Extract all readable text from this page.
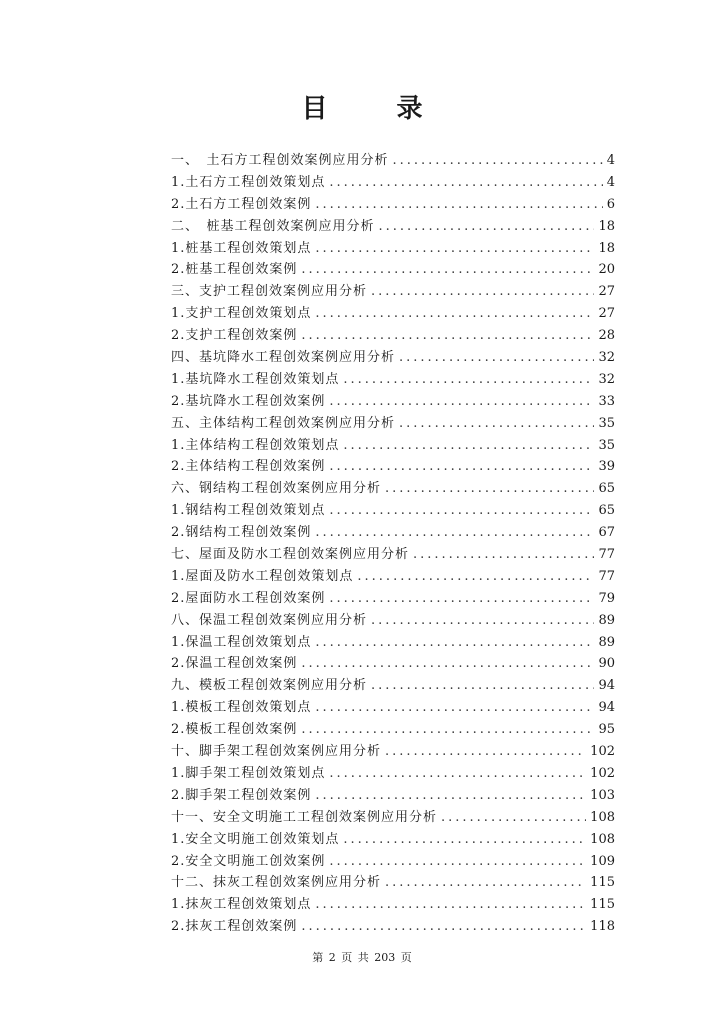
目 录
一、　土石方工程创效案例应用分析 .....	4
1.土石方工程创效策划点 .....	4
2.土石方工程创效案例 .....	6
二、　桩基工程创效案例应用分析 .....	18
1.桩基工程创效策划点 .....	18
2.桩基工程创效案例 .....	20
三、支护工程创效案例应用分析 .....	27
1.支护工程创效策划点 .....	27
2.支护工程创效案例 .....	28
四、基坑降水工程创效案例应用分析 .....	32
1.基坑降水工程创效策划点 .....	32
2.基坑降水工程创效案例 .....	33
五、主体结构工程创效案例应用分析 .....	35
1.主体结构工程创效策划点 .....	35
2.主体结构工程创效案例 .....	39
六、钢结构工程创效案例应用分析 .....	65
1.钢结构工程创效策划点 .....	65
2.钢结构工程创效案例 .....	67
七、屋面及防水工程创效案例应用分析 .....	77
1.屋面及防水工程创效策划点 .....	77
2.屋面防水工程创效案例 .....	79
八、保温工程创效案例应用分析 .....	89
1.保温工程创效策划点 .....	89
2.保温工程创效案例 .....	90
九、模板工程创效案例应用分析 .....	94
1.模板工程创效策划点 .....	94
2.模板工程创效案例 .....	95
十、脚手架工程创效案例应用分析 .....	102
1.脚手架工程创效策划点 .....	102
2.脚手架工程创效案例 .....	103
十一、安全文明施工工程创效案例应用分析 .....	108
1.安全文明施工创效策划点 .....	108
2.安全文明施工创效案例 .....	109
十二、抹灰工程创效案例应用分析 .....	115
1.抹灰工程创效策划点 .....	115
2.抹灰工程创效案例 .....	118
第 2 页 共 203 页
